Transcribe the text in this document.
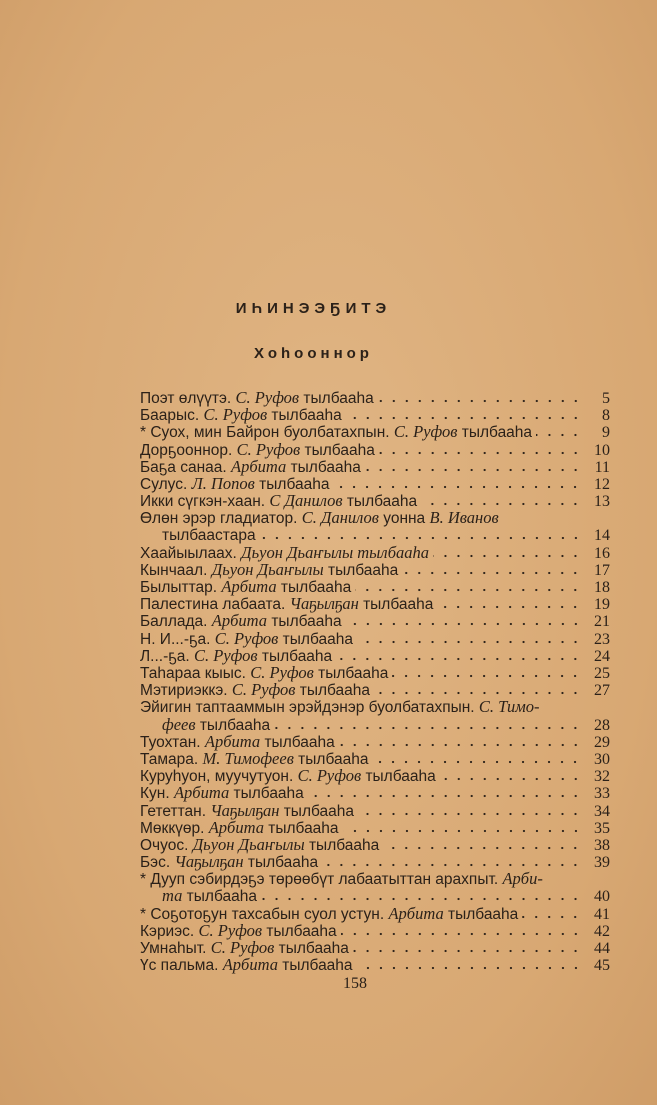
ИҺИНЭЭҔИТЭ
Хоһооннор
Поэт өлүүтэ. С. Руфов тылбааһа	5
Баарыс. С. Руфов тылбааһа	8
* Суох, мин Байрон буолбатахпын. С. Руфов тылбааһа	9
Дорҕооннор. С. Руфов тылбааһа	10
Баҕа санаа. Арбита тылбааһа	11
Сулус. Л. Попов тылбааһа	12
Икки сүгкэн-хаан. С Данилов тылбааһа	13
Өлөн эрэр гладиатор. С. Данилов уонна В. Иванов
тылбаастара	14
Хаайыылаах. Дьуон Дьаҥылы тылбааһа	16
Кынчаал. Дьуон Дьаҥылы тылбааһа	17
Былыттар. Арбита тылбааһа	18
Палестина лабаата. Чаҕылҕан тылбааһа	19
Баллада. Арбита тылбааһа	21
Н. И...-ҕа. С. Руфов тылбааһа	23
Л...-ҕа. С. Руфов тылбааһа	24
Таһараа кыыс. С. Руфов тылбааһа	25
Мэтириэккэ. С. Руфов тылбааһа	27
Эйигин таптааммын эрэйдэнэр буолбатахпын. С. Тимо-
феев тылбааһа	28
Туохтан. Арбита тылбааһа	29
Тамара. М. Тимофеев тылбааһа	30
Куруһуон, муучутуон. С. Руфов тылбааһа	32
Кун. Арбита тылбааһа	33
Гететтан. Чаҕылҕан тылбааһа	34
Мөккүөр. Арбита тылбааһа	35
Очуос. Дьуон Дьаҥылы тылбааһа	38
Бэс. Чаҕылҕан тылбааһа	39
* Дууп сэбирдэҕэ төрөөбүт лабаатыттан арахпыт. Арби-
та тылбааһа	40
* Соҕотоҕун тахсабын суол устун. Арбита тылбааһа	41
Кэриэс. С. Руфов тылбааһа	42
Умнаһыт. С. Руфов тылбааһа	44
Үс пальма. Арбита тылбааһа	45
158
